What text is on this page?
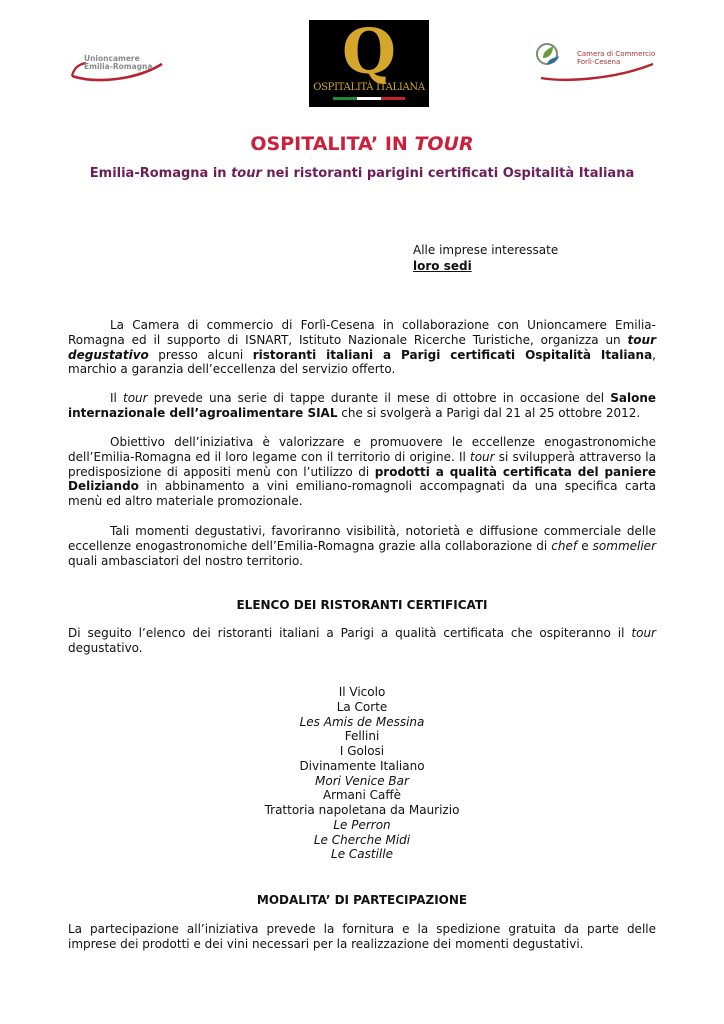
Unioncamere
Emilia-Romagna	Q
OSPITALITÀ ITALIANA
Camera di Commercio
Forlì-Cesena
OSPITALITA’ IN TOUR
Emilia-Romagna in tour nei ristoranti parigini certificati Ospitalità Italiana
Alle imprese interessate
loro sedi
La Camera di commercio di Forlì-Cesena in collaborazione con Unioncamere Emilia-Romagna ed il supporto di ISNART, Istituto Nazionale Ricerche Turistiche, organizza un tour degustativo presso alcuni ristoranti italiani a Parigi certificati Ospitalità Italiana, marchio a garanzia dell’eccellenza del servizio offerto.
Il tour prevede una serie di tappe durante il mese di ottobre in occasione del Salone internazionale dell’agroalimentare SIAL che si svolgerà a Parigi dal 21 al 25 ottobre 2012.
Obiettivo dell’iniziativa è valorizzare e promuovere le eccellenze enogastronomiche dell’Emilia-Romagna ed il loro legame con il territorio di origine. Il tour si svilupperà attraverso la predisposizione di appositi menù con l’utilizzo di prodotti a qualità certificata del paniere Deliziando in abbinamento a vini emiliano-romagnoli accompagnati da una specifica carta menù ed altro materiale promozionale.
Tali momenti degustativi, favoriranno visibilità, notorietà e diffusione commerciale delle eccellenze enogastronomiche dell’Emilia-Romagna grazie alla collaborazione di chef e sommelier quali ambasciatori del nostro territorio.
ELENCO DEI RISTORANTI CERTIFICATI
Di seguito l’elenco dei ristoranti italiani a Parigi a qualità certificata che ospiteranno il tour degustativo.
Il Vicolo
La Corte
Les Amis de Messina
Fellini
I Golosi
Divinamente Italiano
Mori Venice Bar
Armani Caffè
Trattoria napoletana da Maurizio
Le Perron
Le Cherche Midi
Le Castille
MODALITA’ DI PARTECIPAZIONE
La partecipazione all’iniziativa prevede la fornitura e la spedizione gratuita da parte delle imprese dei prodotti e dei vini necessari per la realizzazione dei momenti degustativi.
